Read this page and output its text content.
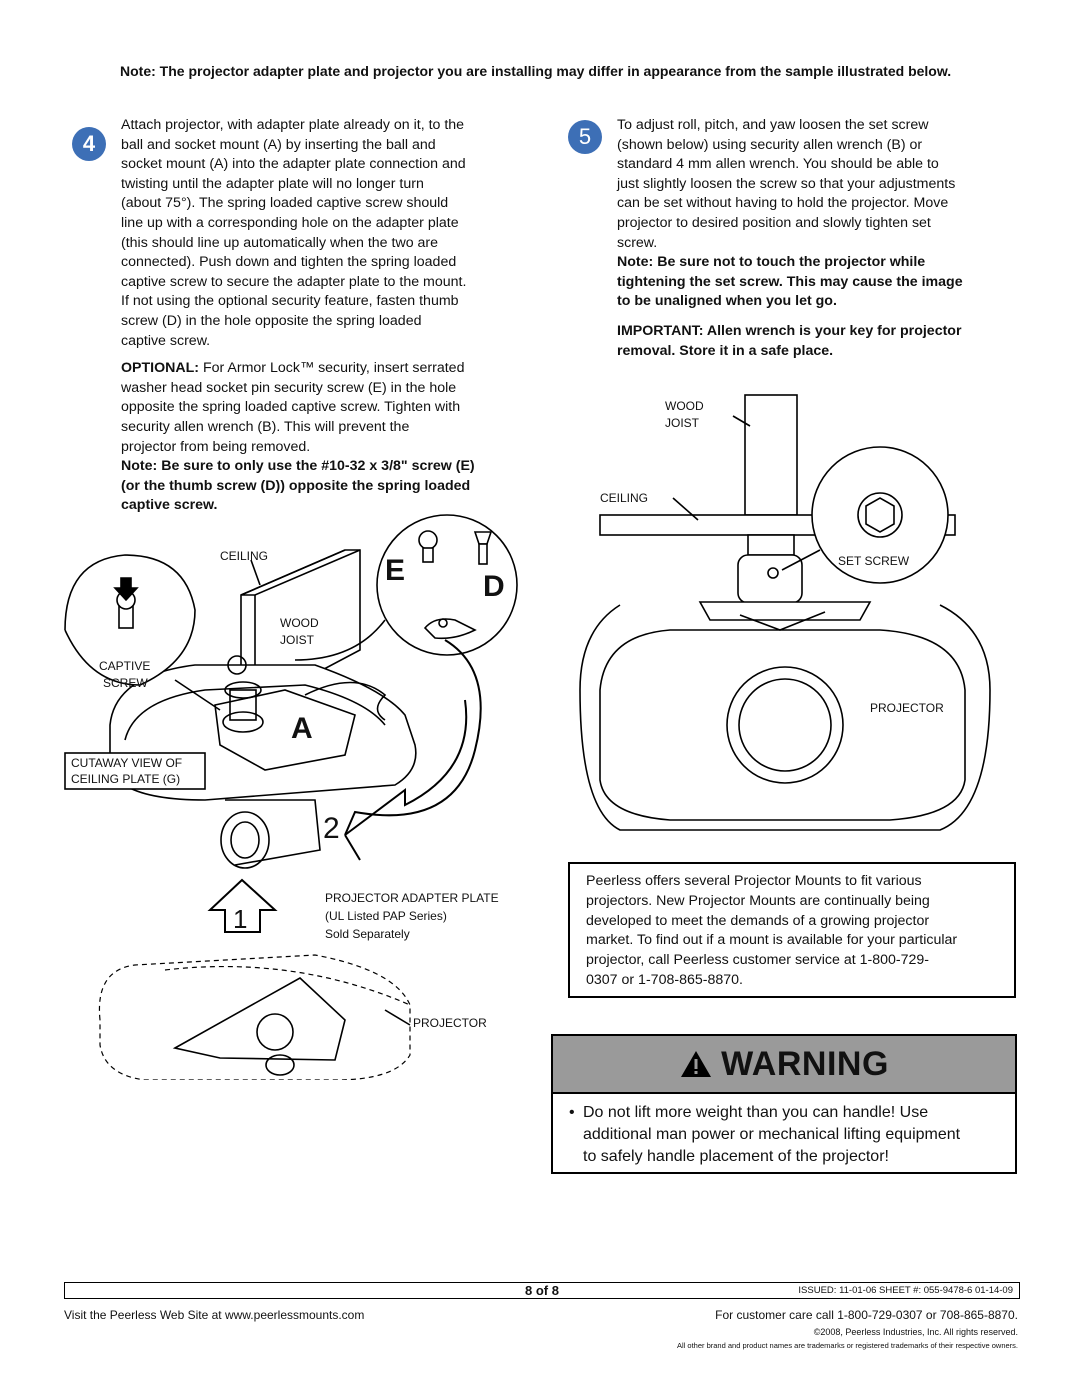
Note: The projector adapter plate and projector you are installing may differ in appearance from the sample illustrated below.
4
Attach projector, with adapter plate already on it, to the
ball and socket mount (A) by inserting the ball and
socket mount (A) into the adapter plate connection and
twisting until the adapter plate will no longer turn
(about 75°). The spring loaded captive screw should
line up with a corresponding hole on the adapter plate
(this should line up automatically when the two are
connected). Push down and tighten the spring loaded
captive screw to secure the adapter plate to the mount.
If not using the optional security feature, fasten thumb
screw (D) in the hole opposite the spring loaded
captive screw.
OPTIONAL: For Armor Lock™ security, insert serrated
washer head socket pin security screw (E) in the hole
opposite the spring loaded captive screw. Tighten with
security allen wrench (B). This will prevent the
projector from being removed.
Note: Be sure to only use the #10-32 x 3/8" screw (E)
(or the thumb screw (D)) opposite the spring loaded
captive screw.
5	To adjust roll, pitch, and yaw loosen the set screw
(shown below) using security allen wrench (B) or
standard 4 mm allen wrench. You should be able to
just slightly loosen the screw so that your adjustments
can be set without having to hold the projector. Move
projector to desired position and slowly tighten set
screw.
Note: Be sure not to touch the projector while
tightening the set screw. This may cause the image
to be unaligned when you let go.
IMPORTANT: Allen wrench is your key for projector
removal. Store it in a safe place.
CEILING
WOOD
JOIST
CAPTIVE
SCREW
CUTAWAY VIEW OF
CEILING PLATE (G)
PROJECTOR ADAPTER PLATE
(UL Listed PAP Series)
Sold Separately
PROJECTOR
E	D
A
2
1
WOOD
JOIST
CEILING
SET SCREW
PROJECTOR
Peerless offers several Projector Mounts to fit various
projectors. New Projector Mounts are continually being
developed to meet the demands of a growing projector
market. To find out if a mount is available for your particular
projector, call Peerless customer service at 1-800-729-
0307 or 1-708-865-8870.
WARNING
• Do not lift more weight than you can handle! Use
additional man power or mechanical lifting equipment
to safely handle placement of the projector!
8 of 8	ISSUED: 11-01-06 SHEET #: 055-9478-6 01-14-09
Visit the Peerless Web Site at www.peerlessmounts.com	For customer care call 1-800-729-0307 or 708-865-8870.
©2008, Peerless Industries, Inc. All rights reserved.
All other brand and product names are trademarks or registered trademarks of their respective owners.
